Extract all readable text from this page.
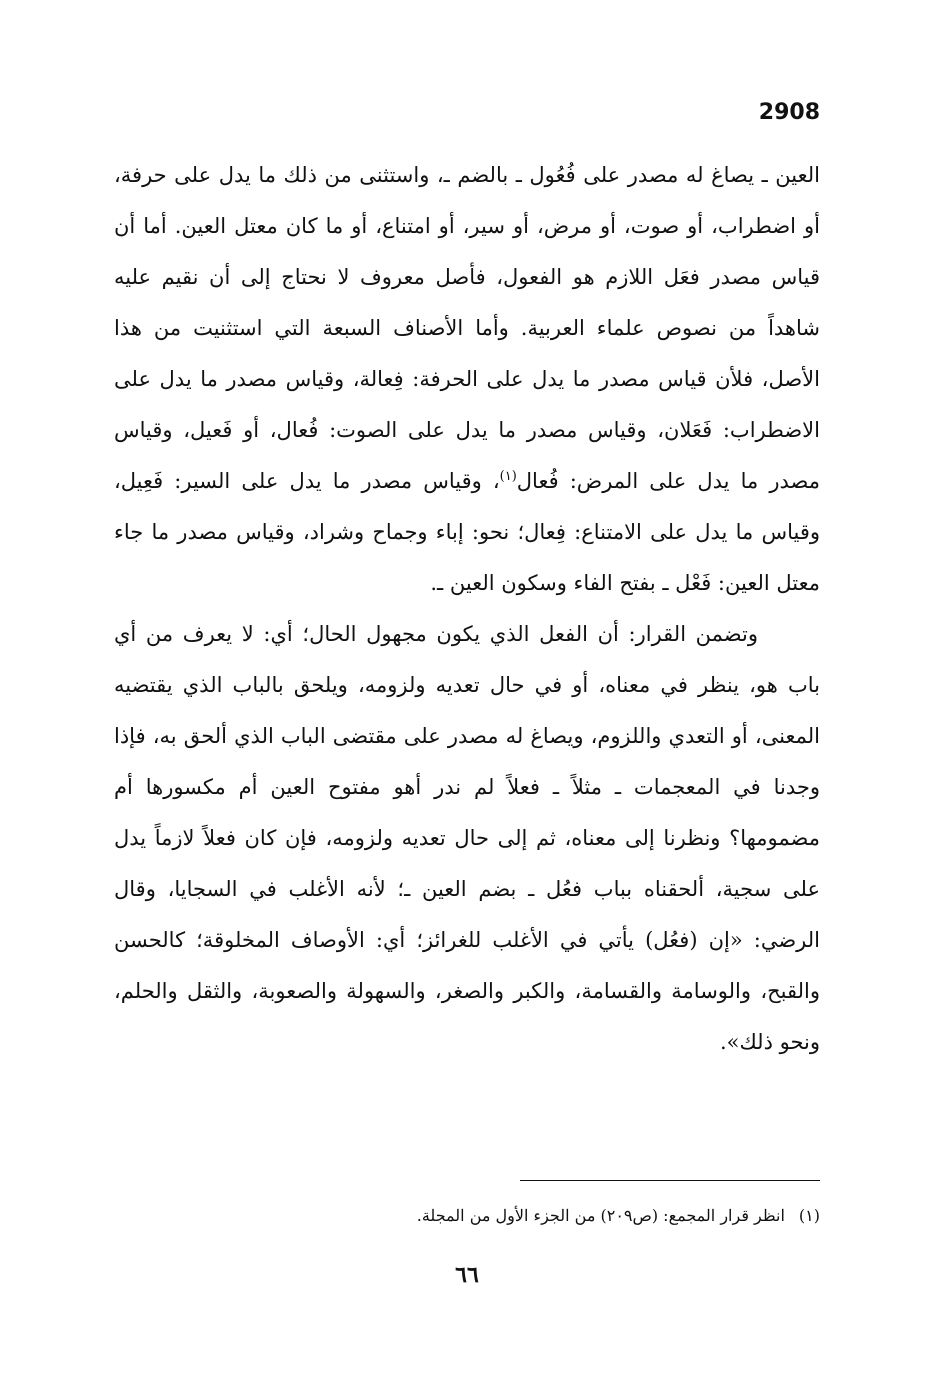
2908

العين ـ يصاغ له مصدر على فُعُول ـ بالضم ـ، واستثنى من ذلك ما يدل على حرفة، أو اضطراب، أو صوت، أو مرض، أو سير، أو امتناع، أو ما كان معتل العين. أما أن قياس مصدر فعَل اللازم هو الفعول، فأصل معروف لا نحتاج إلى أن نقيم عليه شاهداً من نصوص علماء العربية. وأما الأصناف السبعة التي استثنيت من هذا الأصل، فلأن قياس مصدر ما يدل على الحرفة: فِعالة، وقياس مصدر ما يدل على الاضطراب: فَعَلان، وقياس مصدر ما يدل على الصوت: فُعال، أو فَعيل، وقياس مصدر ما يدل على المرض: فُعال$^{(١)}$، وقياس مصدر ما يدل على السير: فَعِيل، وقياس ما يدل على الامتناع: فِعال؛ نحو: إباء وجماح وشراد، وقياس مصدر ما جاء معتل العين: فَعْل ـ بفتح الفاء وسكون العين ـ.

وتضمن القرار: أن الفعل الذي يكون مجهول الحال؛ أي: لا يعرف من أي باب هو، ينظر في معناه، أو في حال تعديه ولزومه، ويلحق بالباب الذي يقتضيه المعنى، أو التعدي واللزوم، ويصاغ له مصدر على مقتضى الباب الذي ألحق به، فإذا وجدنا في المعجمات ـ مثلاً ـ فعلاً لم ندر أهو مفتوح العين أم مكسورها أم مضمومها؟ ونظرنا إلى معناه، ثم إلى حال تعديه ولزومه، فإن كان فعلاً لازماً يدل على سجية، ألحقناه بباب فعُل ـ بضم العين ـ؛ لأنه الأغلب في السجايا، وقال الرضي: «إن (فعُل) يأتي في الأغلب للغرائز؛ أي: الأوصاف المخلوقة؛ كالحسن والقبح، والوسامة والقسامة، والكبر والصغر، والسهولة والصعوبة، والثقل والحلم، ونحو ذلك».

(١)انظر قرار المجمع: (ص٢٠٩) من الجزء الأول من المجلة.
٦٦
